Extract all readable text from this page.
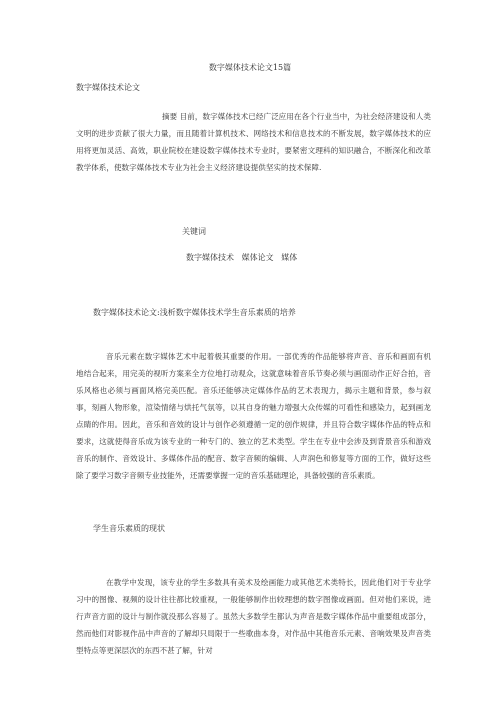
数字媒体技术论文15篇
数字媒体技术论文

摘要 目前，数字媒体技术已经广泛应用在各个行业当中，为社会经济建设和人类文明的进步贡献了很大力量，而且随着计算机技术、网络技术和信息技术的不断发展，数字媒体技术的应用将更加灵活、高效，职业院校在建设数字媒体技术专业时，要紧密文理科的知识融合，不断深化和改革教学体系，使数字媒体技术专业为社会主义经济建设提供坚实的技术保障.

关键词
数字媒体技术   媒体论文   媒体
数字媒体技术论文:浅析数字媒体技术学生音乐素质的培养

音乐元素在数字媒体艺术中起着极其重要的作用。一部优秀的作品能够将声音、音乐和画面有机地结合起来，用完美的视听方案来全方位地打动观众，这就意味着音乐节奏必须与画面动作正好合拍，音乐风格也必须与画面风格完美匹配。音乐还能够决定媒体作品的艺术表现力，揭示主题和背景，参与叙事，刻画人物形象，渲染情绪与烘托气氛等，以其自身的魅力增强大众传媒的可看性和感染力，起到画龙点睛的作用。因此，音乐和音效的设计与创作必须遵循一定的创作规律，并且符合数字媒体作品的特点和要求，这就使得音乐成为该专业的一种专门的、独立的艺术类型。学生在专业中会涉及到背景音乐和游戏音乐的制作、音效设计、多媒体作品的配音、数字音频的编辑、人声润色和修复等方面的工作，做好这些除了要学习数字音频专业技能外，还需要掌握一定的音乐基础理论，具备较强的音乐素质。

学生音乐素质的现状

在教学中发现，该专业的学生多数具有美术及绘画能力或其他艺术类特长，因此他们对于专业学习中的图像、视频的设计往往都比较重视，一般能够制作出较理想的数字图像或画面。但对他们来说，进行声音方面的设计与制作就没那么容易了。虽然大多数学生都认为声音是数字媒体作品中重要组成部分，然而他们对影视作品中声音的了解却只局限于一些歌曲本身，对作品中其他音乐元素、音响效果及声音类型特点等更深层次的东西不甚了解，针对
